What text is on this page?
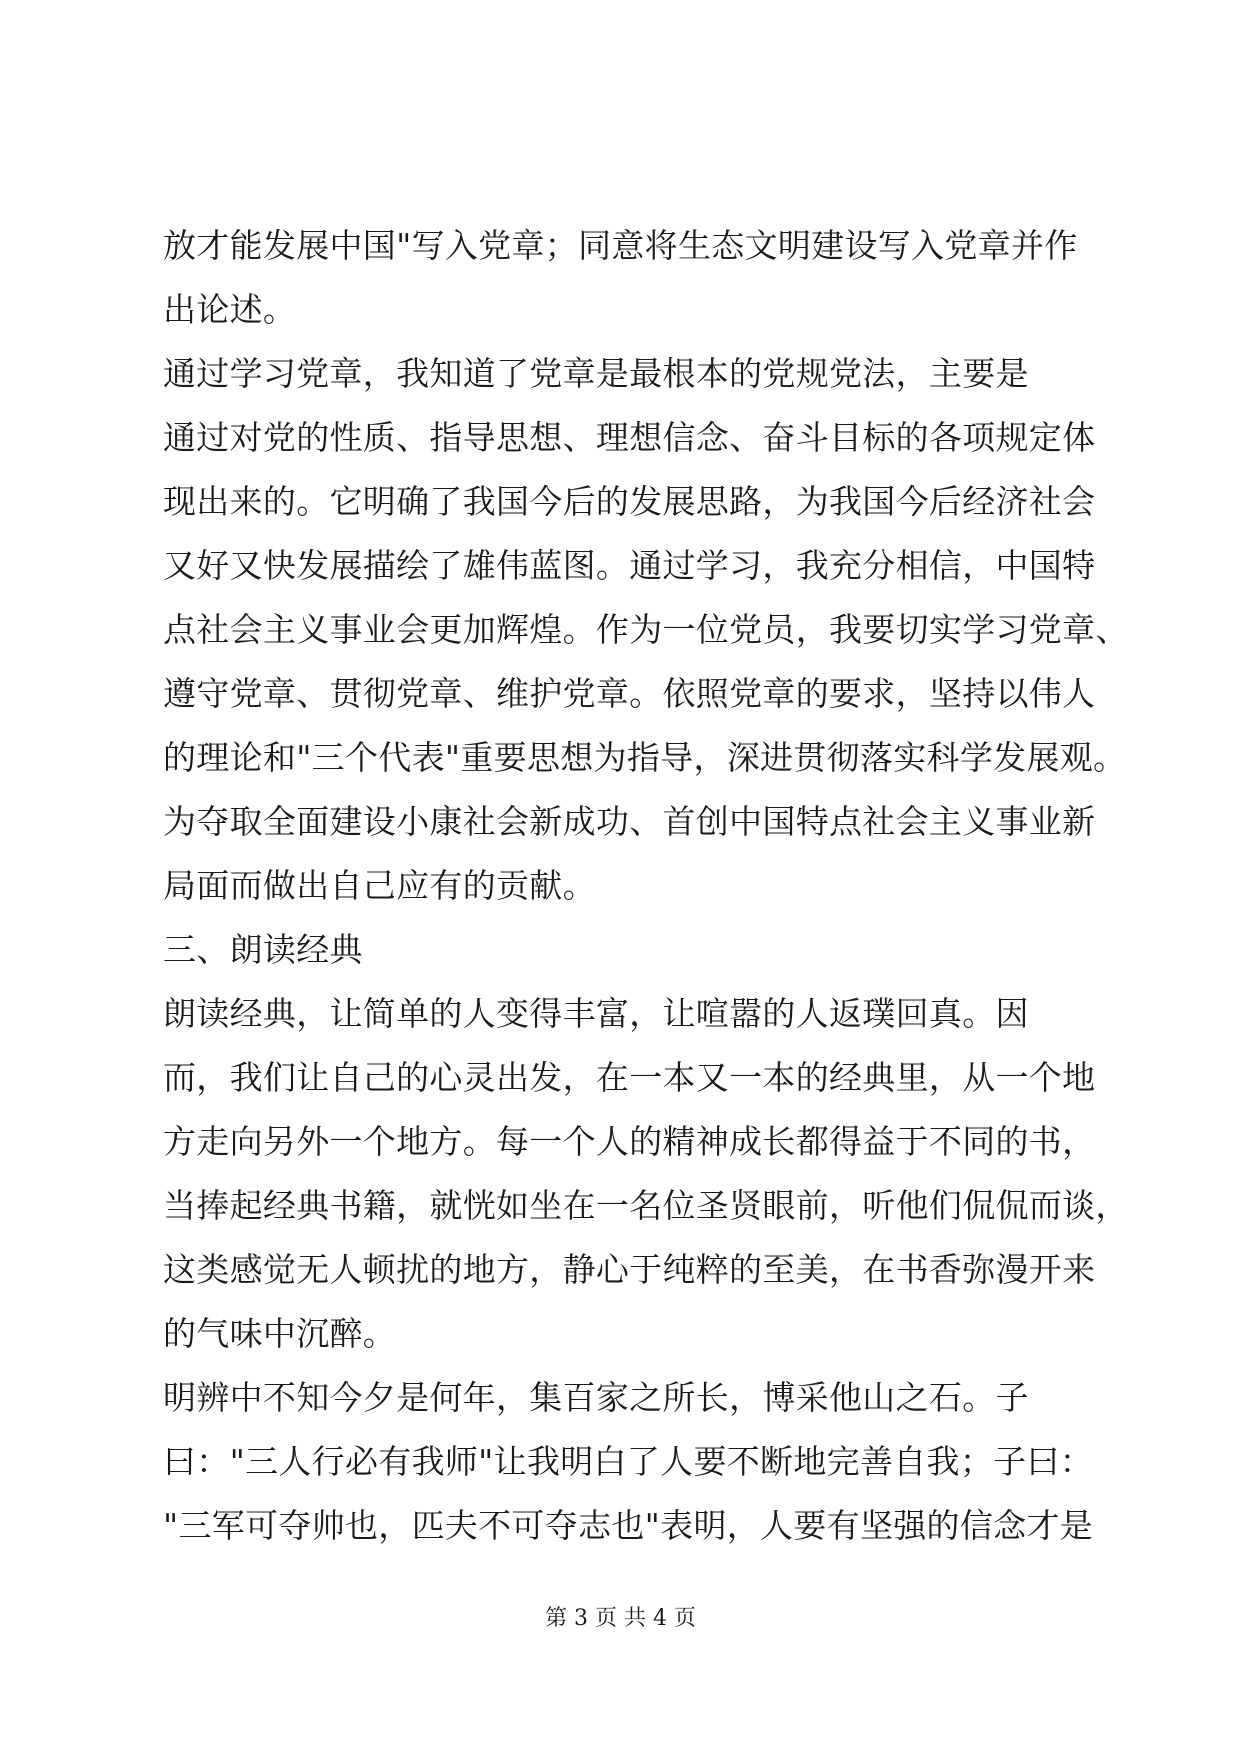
放才能发展中国"写入党章；同意将生态文明建设写入党章并作
出论述。
通过学习党章，我知道了党章是最根本的党规党法，主要是
通过对党的性质、指导思想、理想信念、奋斗目标的各项规定体
现出来的。它明确了我国今后的发展思路，为我国今后经济社会
又好又快发展描绘了雄伟蓝图。通过学习，我充分相信，中国特
点社会主义事业会更加辉煌。作为一位党员，我要切实学习党章、
遵守党章、贯彻党章、维护党章。依照党章的要求，坚持以伟人
的理论和"三个代表"重要思想为指导，深进贯彻落实科学发展观。
为夺取全面建设小康社会新成功、首创中国特点社会主义事业新
局面而做出自己应有的贡献。
三、朗读经典
朗读经典，让简单的人变得丰富，让喧嚣的人返璞回真。因
而，我们让自己的心灵出发，在一本又一本的经典里，从一个地
方走向另外一个地方。每一个人的精神成长都得益于不同的书，
当捧起经典书籍，就恍如坐在一名位圣贤眼前，听他们侃侃而谈，
这类感觉无人顿扰的地方，静心于纯粹的至美，在书香弥漫开来
的气味中沉醉。
明辨中不知今夕是何年，集百家之所长，博采他山之石。子
曰："三人行必有我师"让我明白了人要不断地完善自我；子曰：
"三军可夺帅也，匹夫不可夺志也"表明，人要有坚强的信念才是
第 3 页 共 4 页
